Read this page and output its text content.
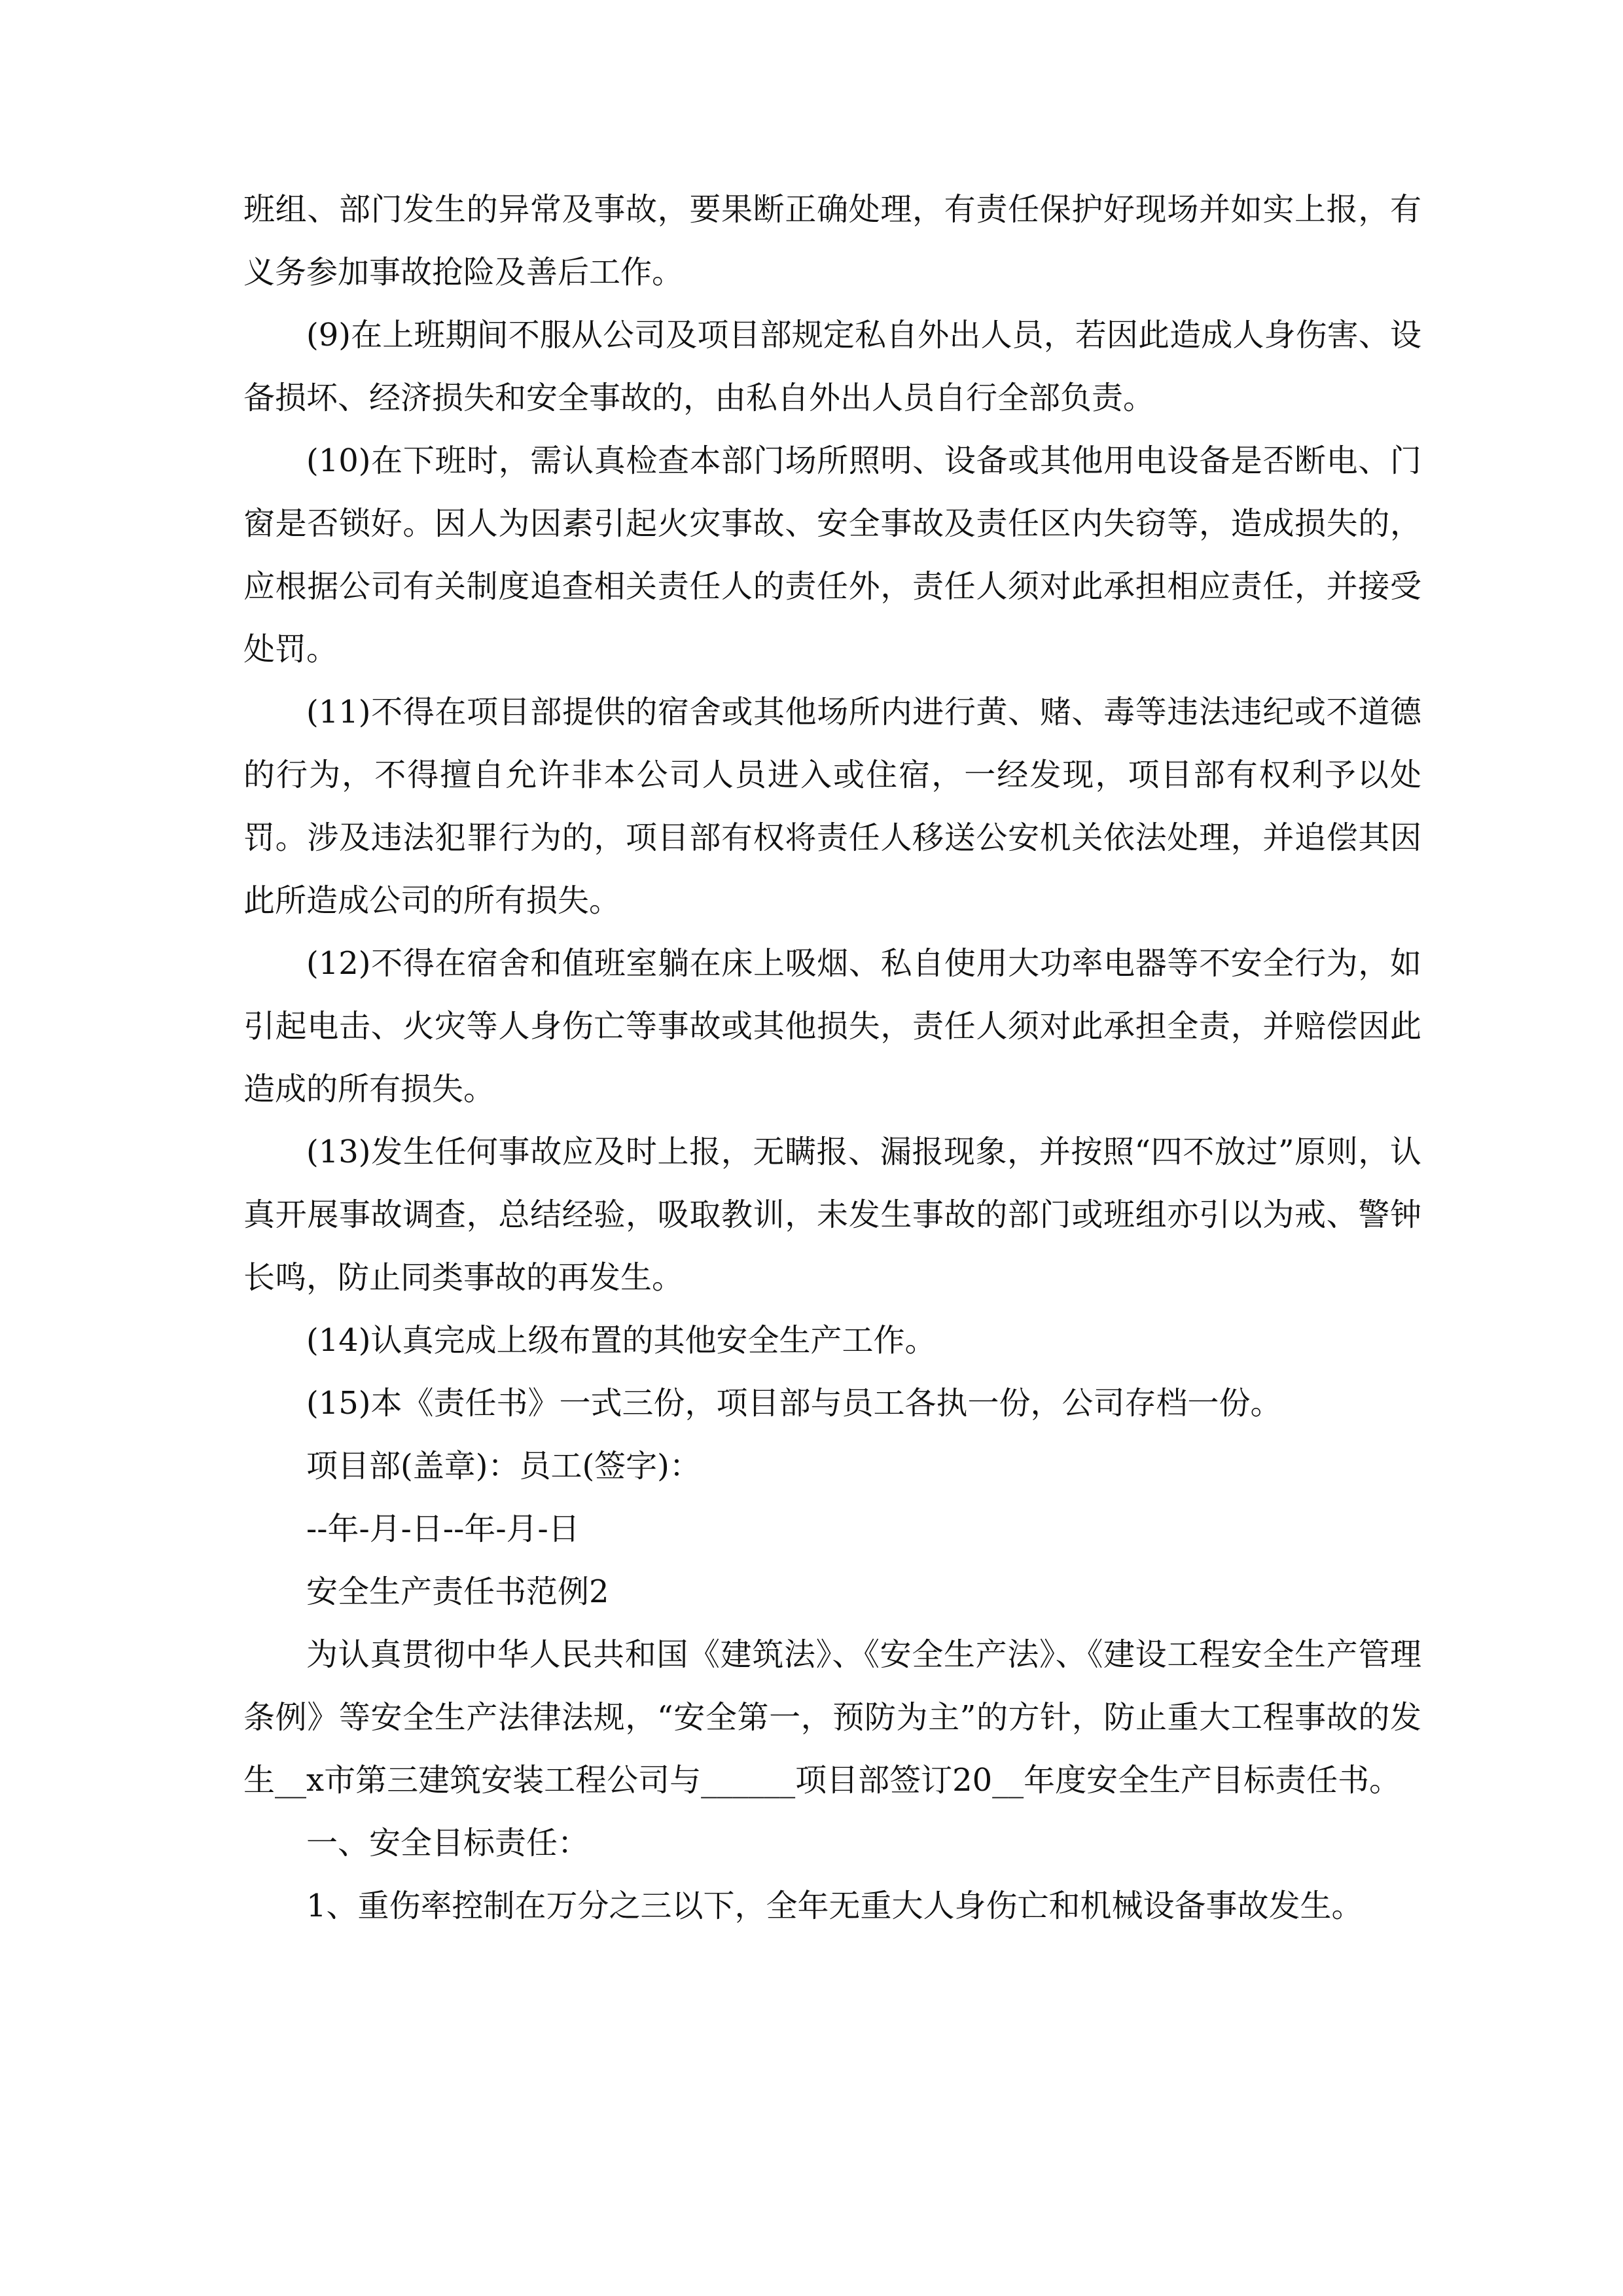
班组、部门发生的异常及事故，要果断正确处理，有责任保护好现场并如实上报，有义务参加事故抢险及善后工作。

(9)在上班期间不服从公司及项目部规定私自外出人员，若因此造成人身伤害、设备损坏、经济损失和安全事故的，由私自外出人员自行全部负责。

(10)在下班时，需认真检查本部门场所照明、设备或其他用电设备是否断电、门窗是否锁好。因人为因素引起火灾事故、安全事故及责任区内失窃等，造成损失的，应根据公司有关制度追查相关责任人的责任外，责任人须对此承担相应责任，并接受处罚。

(11)不得在项目部提供的宿舍或其他场所内进行黄、赌、毒等违法违纪或不道德的行为，不得擅自允许非本公司人员进入或住宿，一经发现，项目部有权利予以处罚。涉及违法犯罪行为的，项目部有权将责任人移送公安机关依法处理，并追偿其因此所造成公司的所有损失。

(12)不得在宿舍和值班室躺在床上吸烟、私自使用大功率电器等不安全行为，如引起电击、火灾等人身伤亡等事故或其他损失，责任人须对此承担全责，并赔偿因此造成的所有损失。

(13)发生任何事故应及时上报，无瞒报、漏报现象，并按照“四不放过”原则，认真开展事故调查，总结经验，吸取教训，未发生事故的部门或班组亦引以为戒、警钟长鸣，防止同类事故的再发生。

(14)认真完成上级布置的其他安全生产工作。

(15)本《责任书》一式三份，项目部与员工各执一份，公司存档一份。

项目部(盖章)：员工(签字)：

--年-月-日--年-月-日

安全生产责任书范例2

为认真贯彻中华人民共和国《建筑法》、《安全生产法》、《建设工程安全生产管理条例》等安全生产法律法规，“安全第一，预防为主”的方针，防止重大工程事故的发生__x市第三建筑安装工程公司与______项目部签订20__年度安全生产目标责任书。

一、安全目标责任：

1、重伤率控制在万分之三以下，全年无重大人身伤亡和机械设备事故发生。
